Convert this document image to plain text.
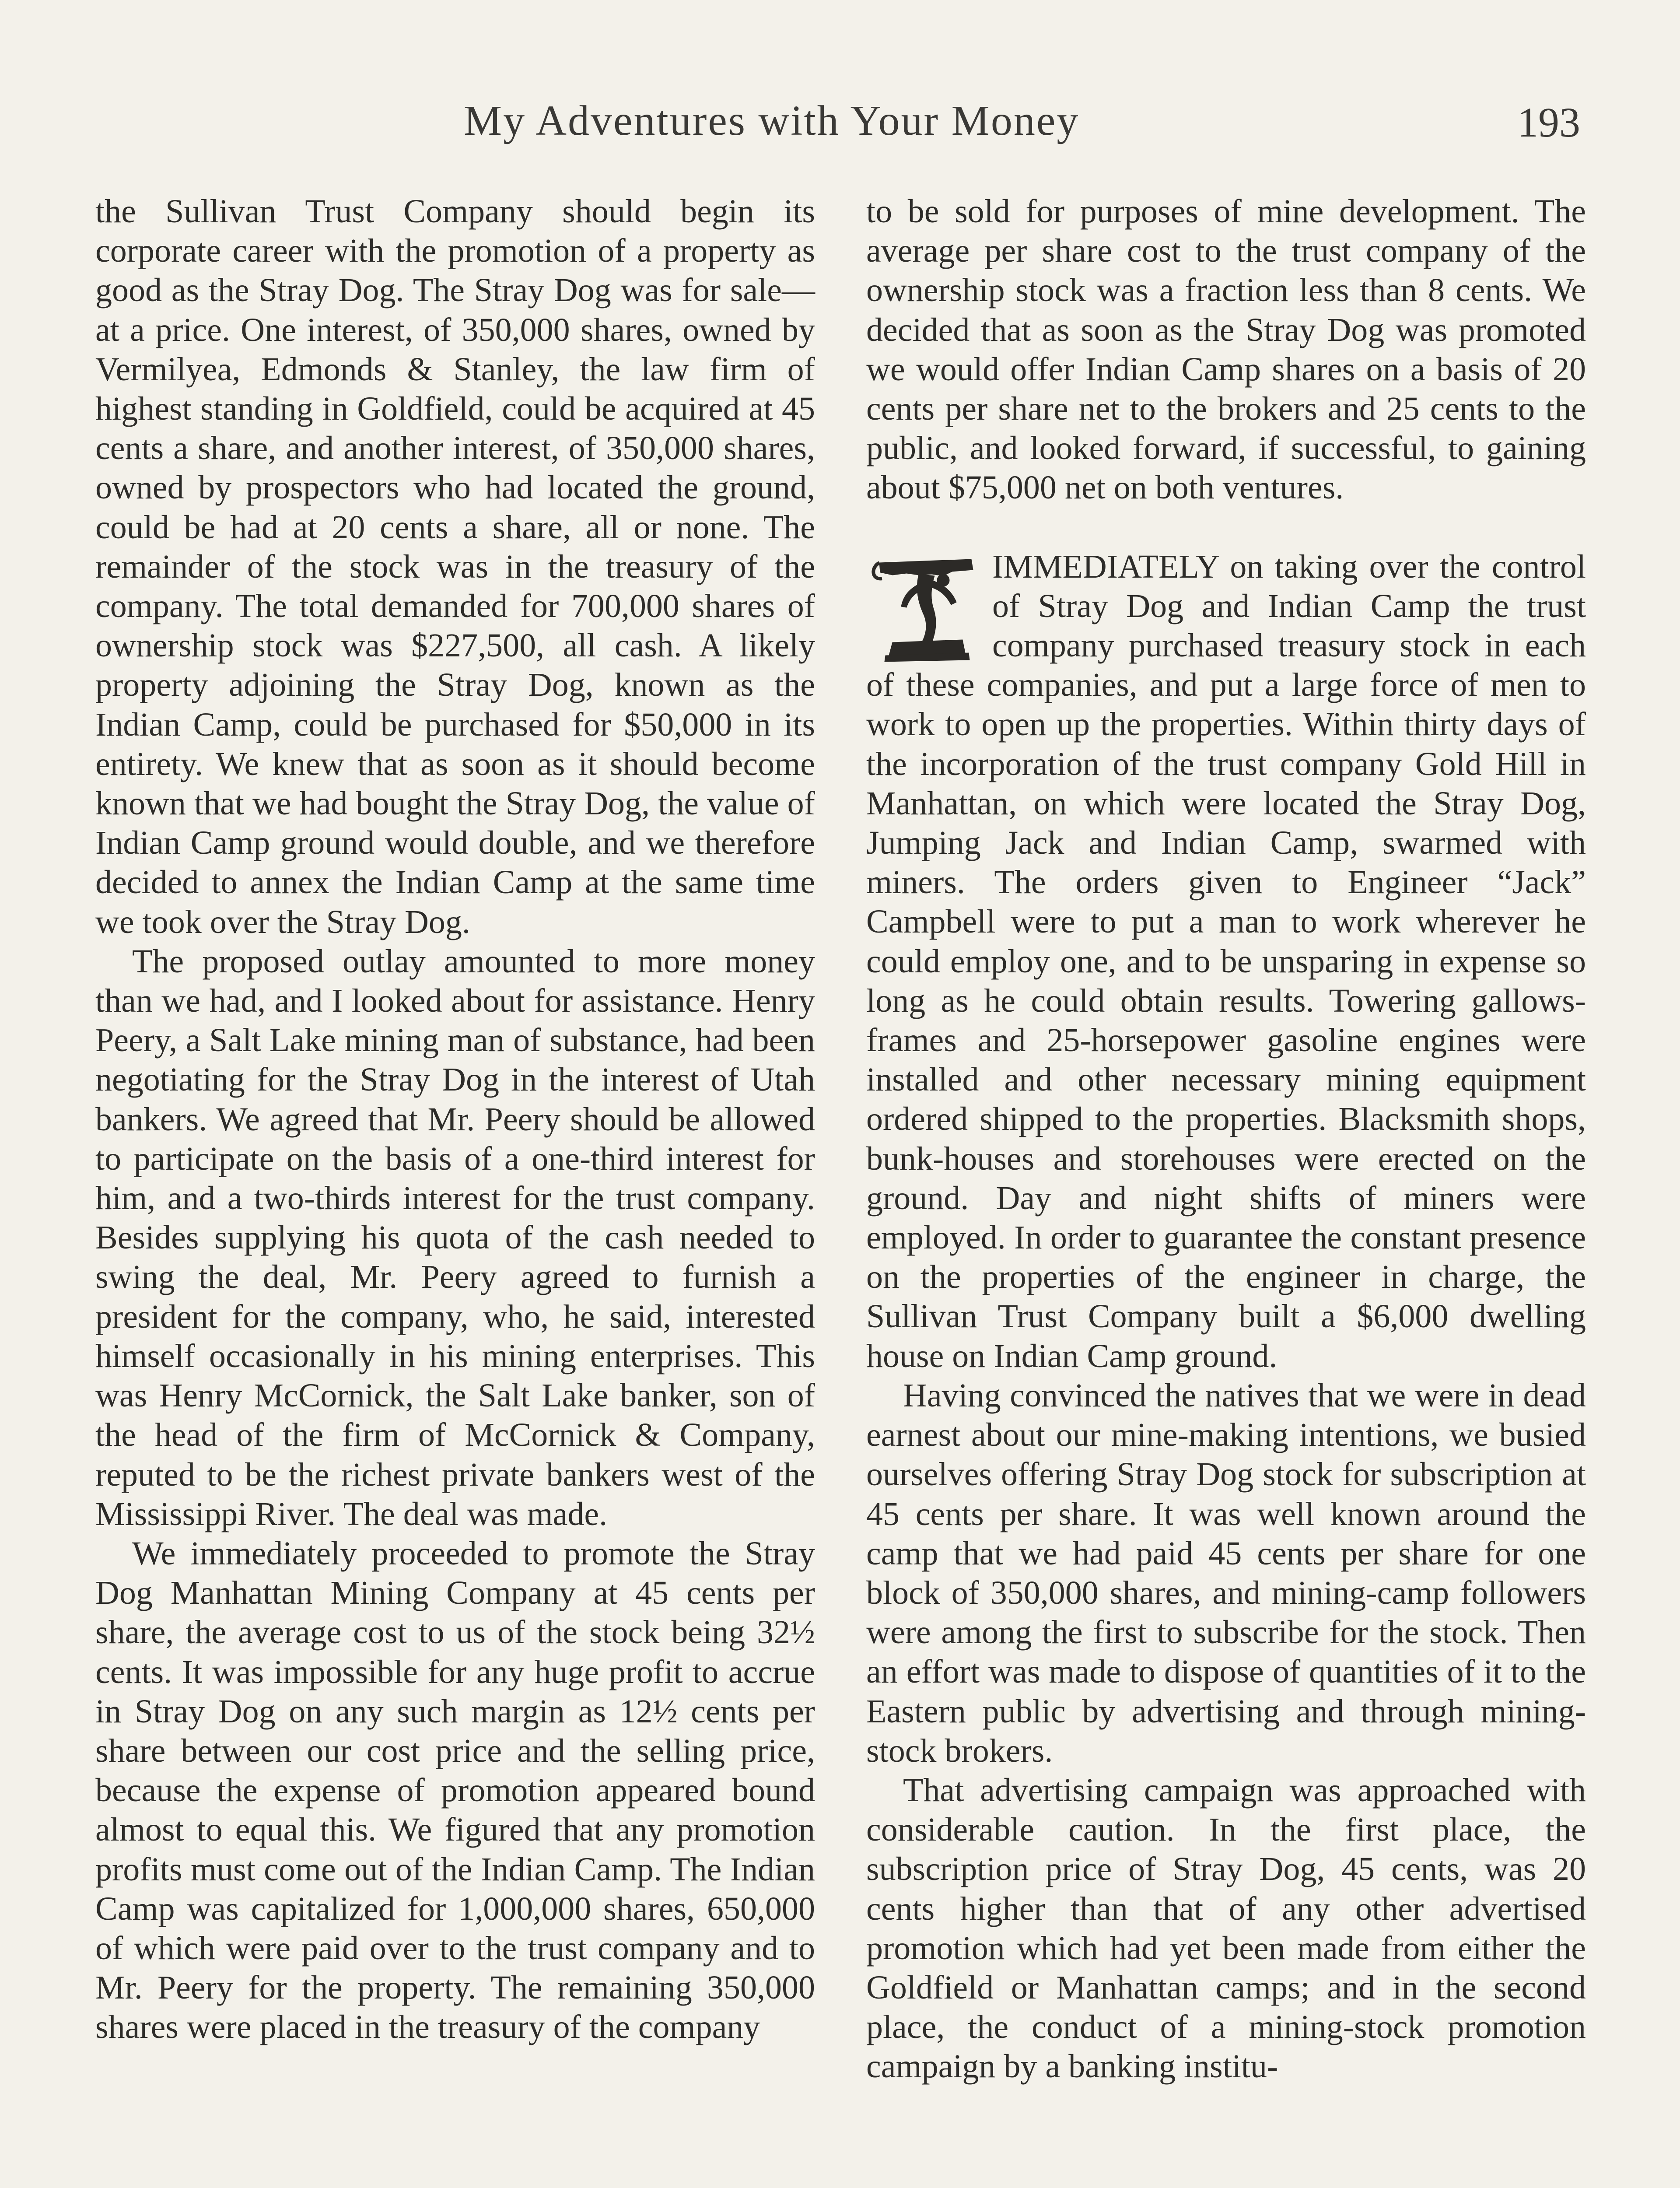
My Adventures with Your Money	193

the Sullivan Trust Company should begin its corporate career with the promotion of a property as good as the Stray Dog. The Stray Dog was for sale—at a price. One interest, of 350,000 shares, owned by Vermilyea, Edmonds & Stanley, the law firm of highest standing in Goldfield, could be acquired at 45 cents a share, and another interest, of 350,000 shares, owned by prospectors who had located the ground, could be had at 20 cents a share, all or none. The remainder of the stock was in the treasury of the company. The total demanded for 700,000 shares of ownership stock was $227,500, all cash. A likely property adjoining the Stray Dog, known as the Indian Camp, could be purchased for $50,000 in its entirety. We knew that as soon as it should become known that we had bought the Stray Dog, the value of Indian Camp ground would double, and we therefore decided to annex the Indian Camp at the same time we took over the Stray Dog.

The proposed outlay amounted to more money than we had, and I looked about for assistance. Henry Peery, a Salt Lake mining man of substance, had been negotiating for the Stray Dog in the interest of Utah bankers. We agreed that Mr. Peery should be allowed to participate on the basis of a one-third interest for him, and a two-thirds interest for the trust company. Besides supplying his quota of the cash needed to swing the deal, Mr. Peery agreed to furnish a president for the company, who, he said, interested himself occasionally in his mining enterprises. This was Henry McCornick, the Salt Lake banker, son of the head of the firm of McCornick & Company, reputed to be the richest private bankers west of the Mississippi River. The deal was made.

We immediately proceeded to promote the Stray Dog Manhattan Mining Company at 45 cents per share, the average cost to us of the stock being 32½ cents. It was impossible for any huge profit to accrue in Stray Dog on any such margin as 12½ cents per share between our cost price and the selling price, because the expense of promotion appeared bound almost to equal this. We figured that any promotion profits must come out of the Indian Camp. The Indian Camp was capitalized for 1,000,000 shares, 650,000 of which were paid over to the trust company and to Mr. Peery for the property. The remaining 350,000 shares were placed in the treasury of the company

to be sold for purposes of mine development. The average per share cost to the trust company of the ownership stock was a fraction less than 8 cents. We decided that as soon as the Stray Dog was promoted we would offer Indian Camp shares on a basis of 20 cents per share net to the brokers and 25 cents to the public, and looked forward, if successful, to gaining about $75,000 net on both ventures.

IMMEDIATELY on taking over the control of Stray Dog and Indian Camp the trust company purchased treasury stock in each of these companies, and put a large force of men to work to open up the properties. Within thirty days of the incorporation of the trust company Gold Hill in Manhattan, on which were located the Stray Dog, Jumping Jack and Indian Camp, swarmed with miners. The orders given to Engineer “Jack” Campbell were to put a man to work wherever he could employ one, and to be unsparing in expense so long as he could obtain results. Towering gallows-frames and 25-horsepower gasoline engines were installed and other necessary mining equipment ordered shipped to the properties. Blacksmith shops, bunk-houses and storehouses were erected on the ground. Day and night shifts of miners were employed. In order to guarantee the constant presence on the properties of the engineer in charge, the Sullivan Trust Company built a $6,000 dwelling house on Indian Camp ground.

Having convinced the natives that we were in dead earnest about our mine-making intentions, we busied ourselves offering Stray Dog stock for subscription at 45 cents per share. It was well known around the camp that we had paid 45 cents per share for one block of 350,000 shares, and mining-camp followers were among the first to subscribe for the stock. Then an effort was made to dispose of quantities of it to the Eastern public by advertising and through mining-stock brokers.

That advertising campaign was approached with considerable caution. In the first place, the subscription price of Stray Dog, 45 cents, was 20 cents higher than that of any other advertised promotion which had yet been made from either the Goldfield or Manhattan camps; and in the second place, the conduct of a mining-stock promotion campaign by a banking institu-
